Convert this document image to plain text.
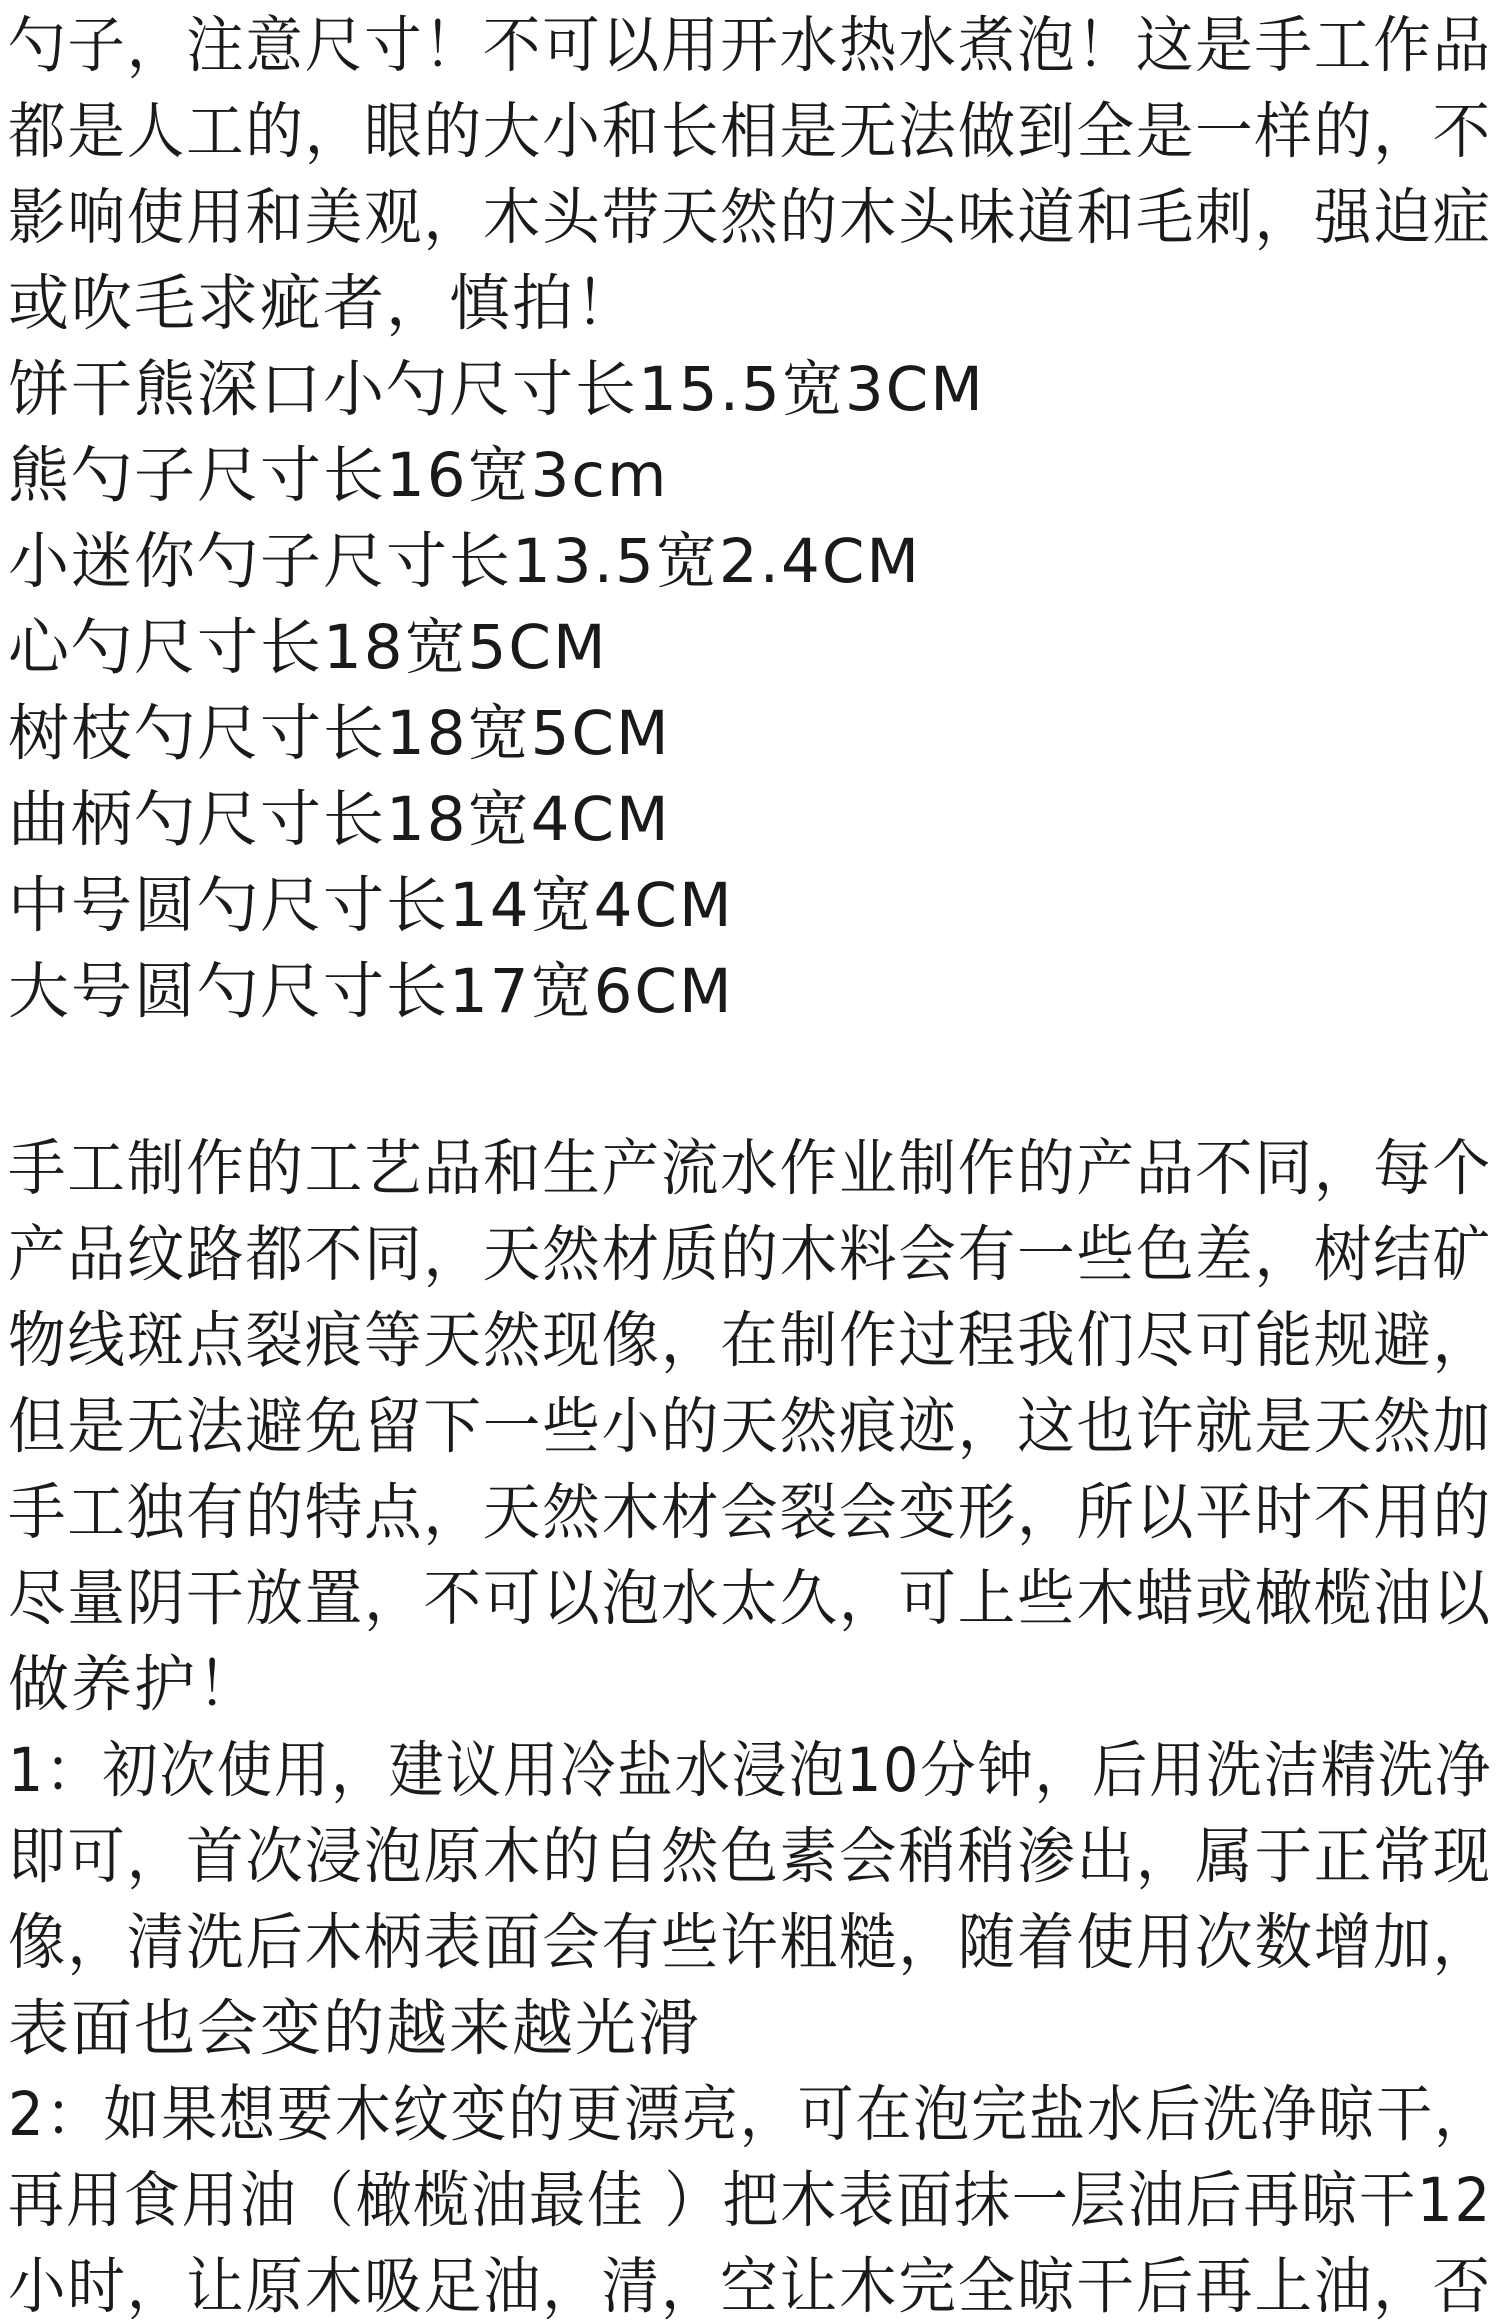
勺子，注意尺寸！不可以用开水热水煮泡！这是手工作品
都是人工的，眼的大小和长相是无法做到全是一样的，不
影响使用和美观，木头带天然的木头味道和毛刺，强迫症
或吹毛求疵者，慎拍！
饼干熊深口小勺尺寸长15.5宽3CM
熊勺子尺寸长16宽3cm
小迷你勺子尺寸长13.5宽2.4CM
心勺尺寸长18宽5CM
树枝勺尺寸长18宽5CM
曲柄勺尺寸长18宽4CM
中号圆勺尺寸长14宽4CM
大号圆勺尺寸长17宽6CM
手工制作的工艺品和生产流水作业制作的产品不同，每个
产品纹路都不同，天然材质的木料会有一些色差，树结矿
物线斑点裂痕等天然现像，在制作过程我们尽可能规避，
但是无法避免留下一些小的天然痕迹，这也许就是天然加
手工独有的特点，天然木材会裂会变形，所以平时不用的
尽量阴干放置，不可以泡水太久，可上些木蜡或橄榄油以
做养护！
1：初次使用，建议用冷盐水浸泡10分钟，后用洗洁精洗净
即可，首次浸泡原木的自然色素会稍稍渗出，属于正常现
像，清洗后木柄表面会有些许粗糙，随着使用次数增加，
表面也会变的越来越光滑
2：如果想要木纹变的更漂亮，可在泡完盐水后洗净晾干，
再用食用油（橄榄油最佳 ）把木表面抹一层油后再晾干12
小时，让原木吸足油，清，空让木完全晾干后再上油，否
